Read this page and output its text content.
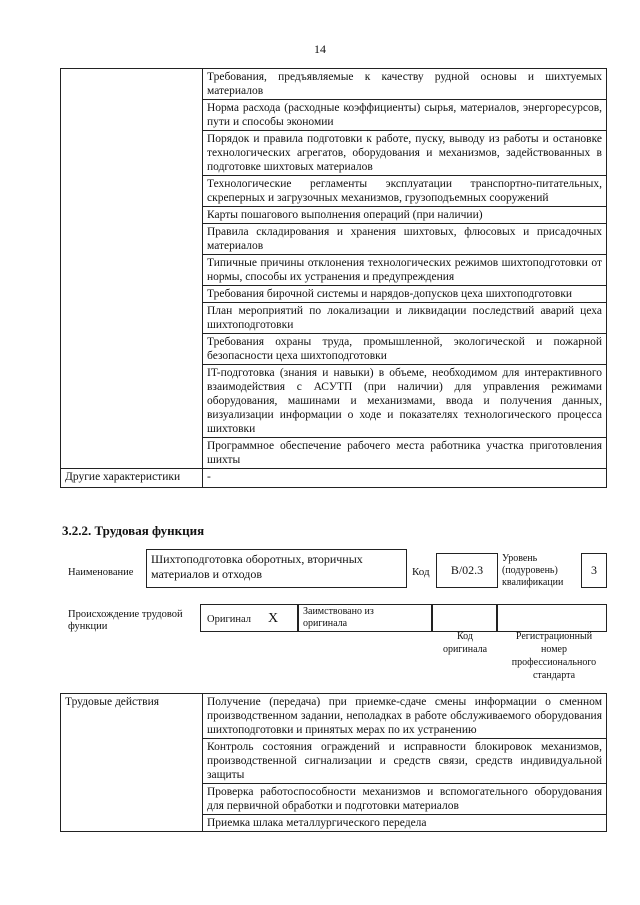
14
	Требования, предъявляемые к качеству рудной основы и шихтуемых материалов
	Норма расхода (расходные коэффициенты) сырья, материалов, энергоресурсов, пути и способы экономии
	Порядок и правила подготовки к работе, пуску, выводу из работы и остановке технологических агрегатов, оборудования и механизмов, задействованных в подготовке шихтовых материалов
	Технологические регламенты эксплуатации транспортно-питательных, скреперных и загрузочных механизмов, грузоподъемных сооружений
	Карты пошагового выполнения операций (при наличии)
	Правила складирования и хранения шихтовых, флюсовых и присадочных материалов
	Типичные причины отклонения технологических режимов шихтоподготовки от нормы, способы их устранения и предупреждения
	Требования бирочной системы и нарядов-допусков цеха шихтоподготовки
	План мероприятий по локализации и ликвидации последствий аварий цеха шихтоподготовки
	Требования охраны труда, промышленной, экологической и пожарной безопасности цеха шихтоподготовки
	IT-подготовка (знания и навыки) в объеме, необходимом для интерактивного взаимодействия с АСУТП (при наличии) для управления режимами оборудования, машинами и механизмами, ввода и получения данных, визуализации информации о ходе и показателях технологического процесса шихтовки
	Программное обеспечение рабочего места работника участка приготовления шихты
Другие характеристики	-
3.2.2. Трудовая функция
Наименование
Шихтоподготовка оборотных, вторичных материалов и отходов	Код	B/02.3
Уровень (подуровень) квалификации
3
Происхождение трудовой функции
Оригинал X Заимствовано из оригинала
Код оригинала
Регистрационный номер профессионального стандарта
Трудовые действия	Получение (передача) при приемке-сдаче смены информации о сменном производственном задании, неполадках в работе обслуживаемого оборудования шихтоподготовки и принятых мерах по их устранению
Контроль состояния ограждений и исправности блокировок механизмов, производственной сигнализации и средств связи, средств индивидуальной защиты
Проверка работоспособности механизмов и вспомогательного оборудования для первичной обработки и подготовки материалов
Приемка шлака металлургического передела
